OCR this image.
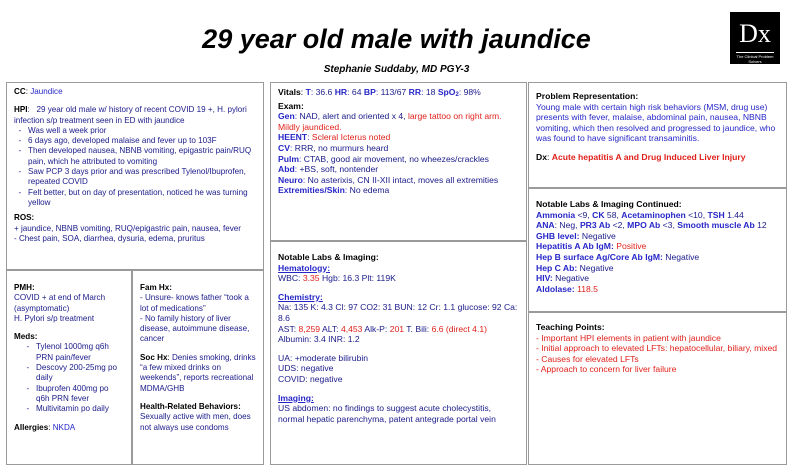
29 year old male with jaundice
Stephanie Suddaby, MD PGY-3
Dx
The Clinical Problem Solvers
CC: Jaundice
HPI:   29 year old male w/ history of recent COVID 19 +, H. pylori infection s/p treatment seen in ED with jaundice
-    Was well a week prior
-    6 days ago, developed malaise and fever up to 103F
-    Then developed nausea, NBNB vomiting, epigastric pain/RUQ pain, which he attributed to vomiting
-    Saw PCP 3 days prior and was prescribed Tylenol/Ibuprofen, repeated COVID
-    Felt better, but on day of presentation, noticed he was turning yellow
ROS:
+ jaundice, NBNB vomiting, RUQ/epigastric pain, nausea, fever
- Chest pain, SOA, diarrhea, dysuria, edema, pruritus
PMH:
COVID + at end of March (asymptomatic)
H. Pylori s/p treatment
Meds:
-    Tylenol 1000mg q6h PRN pain/fever
-    Descovy 200-25mg po daily
-    Ibuprofen 400mg po q6h PRN fever
-    Multivitamin po daily
Allergies: NKDA
Fam Hx:
- Unsure- knows father “took a lot of medications”
- No family history of liver disease, autoimmune disease, cancer
Soc Hx: Denies smoking, drinks “a few mixed drinks on weekends”, reports recreational MDMA/GHB
Health-Related Behaviors:
Sexually active with men, does not always use condoms
Vitals: T: 36.6 HR: 64 BP: 113/67 RR: 18 SpO2: 98%
Exam:
Gen: NAD, alert and oriented x 4, large tattoo on right arm. Mildly jaundiced.
HEENT: Scleral Icterus noted
CV: RRR, no murmurs heard
Pulm: CTAB, good air movement, no wheezes/crackles
Abd: +BS, soft, nontender
Neuro: No asterixis, CN II-XII intact, moves all extremities
Extremities/Skin: No edema
Notable Labs & Imaging:
Hematology:
WBC: 3.35 Hgb: 16.3 Plt: 119K
Chemistry:
Na: 135 K: 4.3 Cl: 97 CO2: 31 BUN: 12 Cr: 1.1 glucose: 92 Ca: 8.6
AST: 8,259 ALT: 4,453 Alk-P: 201 T. Bili: 6.6 (direct 4.1)
Albumin: 3.4 INR: 1.2
UA: +moderate bilirubin
UDS: negative
COVID: negative
Imaging:
US abdomen: no findings to suggest acute cholecystitis, normal hepatic parenchyma, patent antegrade portal vein
Problem Representation:
Young male with certain high risk behaviors (MSM, drug use) presents with fever, malaise, abdominal pain, nausea, NBNB vomiting, which then resolved and progressed to jaundice, who was found to have significant transaminitis.
Dx: Acute hepatitis A and Drug Induced Liver Injury
Notable Labs & Imaging Continued:
Ammonia <9, CK 58, Acetaminophen <10, TSH 1.44
ANA: Neg, PR3 Ab <2, MPO Ab <3, Smooth muscle Ab 12
GHB level: Negative
Hepatitis A Ab IgM: Positive
Hep B surface Ag/Core Ab IgM: Negative
Hep C Ab: Negative
HIV: Negative
Aldolase: 118.5
Teaching Points:
- Important HPI elements in patient with jaundice
- Initial approach to elevated LFTs: hepatocellular, biliary, mixed
- Causes for elevated LFTs
- Approach to concern for liver failure
